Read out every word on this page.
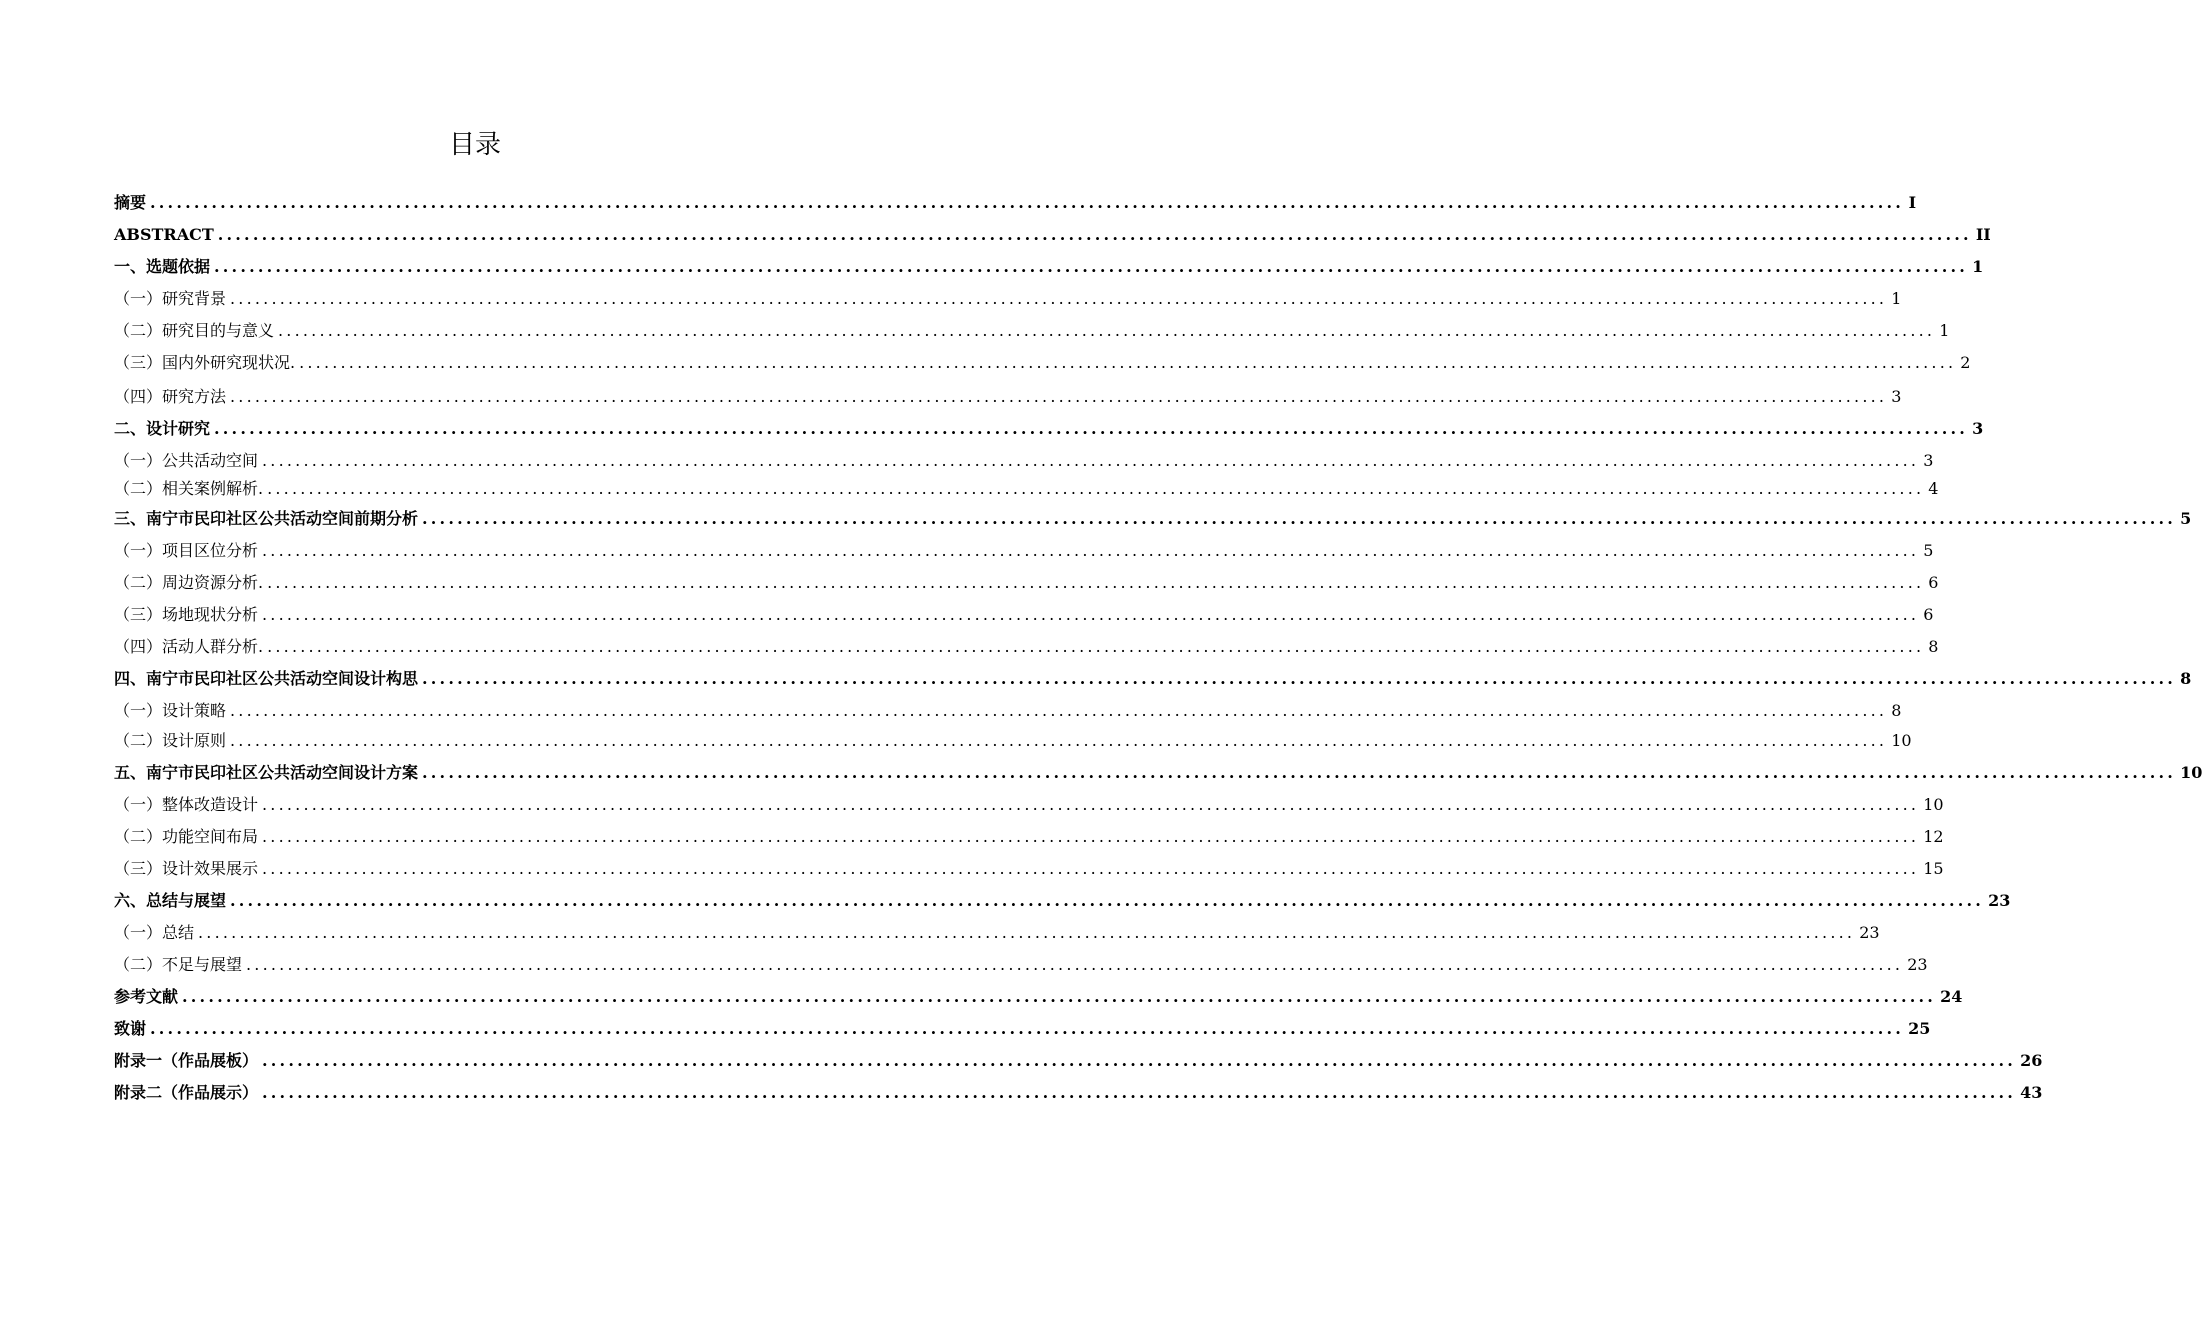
目录
摘要 ........................................................................................................................................................................................................ I
ABSTRACT ........................................................................................................................................................................................................ II
一、选题依据 ........................................................................................................................................................................................................ 1
（一）研究背景 ........................................................................................................................................................................................................ 1
（二）研究目的与意义 ........................................................................................................................................................................................................ 1
（三）国内外研究现状况. ........................................................................................................................................................................................................ 2
（四）研究方法 ........................................................................................................................................................................................................ 3
二、设计研究 ........................................................................................................................................................................................................ 3
（一）公共活动空间 ........................................................................................................................................................................................................ 3
（二）相关案例解析. ........................................................................................................................................................................................................ 4
三、南宁市民印社区公共活动空间前期分析 ........................................................................................................................................................................................................ 5
（一）项目区位分析 ........................................................................................................................................................................................................ 5
（二）周边资源分析. ........................................................................................................................................................................................................ 6
（三）场地现状分析 ........................................................................................................................................................................................................ 6
（四）活动人群分析. ........................................................................................................................................................................................................ 8
四、南宁市民印社区公共活动空间设计构思 ........................................................................................................................................................................................................ 8
（一）设计策略 ........................................................................................................................................................................................................ 8
（二）设计原则 ........................................................................................................................................................................................................ 10
五、南宁市民印社区公共活动空间设计方案 ........................................................................................................................................................................................................ 10
（一）整体改造设计 ........................................................................................................................................................................................................ 10
（二）功能空间布局 ........................................................................................................................................................................................................ 12
（三）设计效果展示 ........................................................................................................................................................................................................ 15
六、总结与展望 ........................................................................................................................................................................................................ 23
（一）总结 ........................................................................................................................................................................................................ 23
（二）不足与展望 ........................................................................................................................................................................................................ 23
参考文献 ........................................................................................................................................................................................................ 24
致谢 ........................................................................................................................................................................................................ 25
附录一（作品展板） ........................................................................................................................................................................................................ 26
附录二（作品展示） ........................................................................................................................................................................................................ 43
